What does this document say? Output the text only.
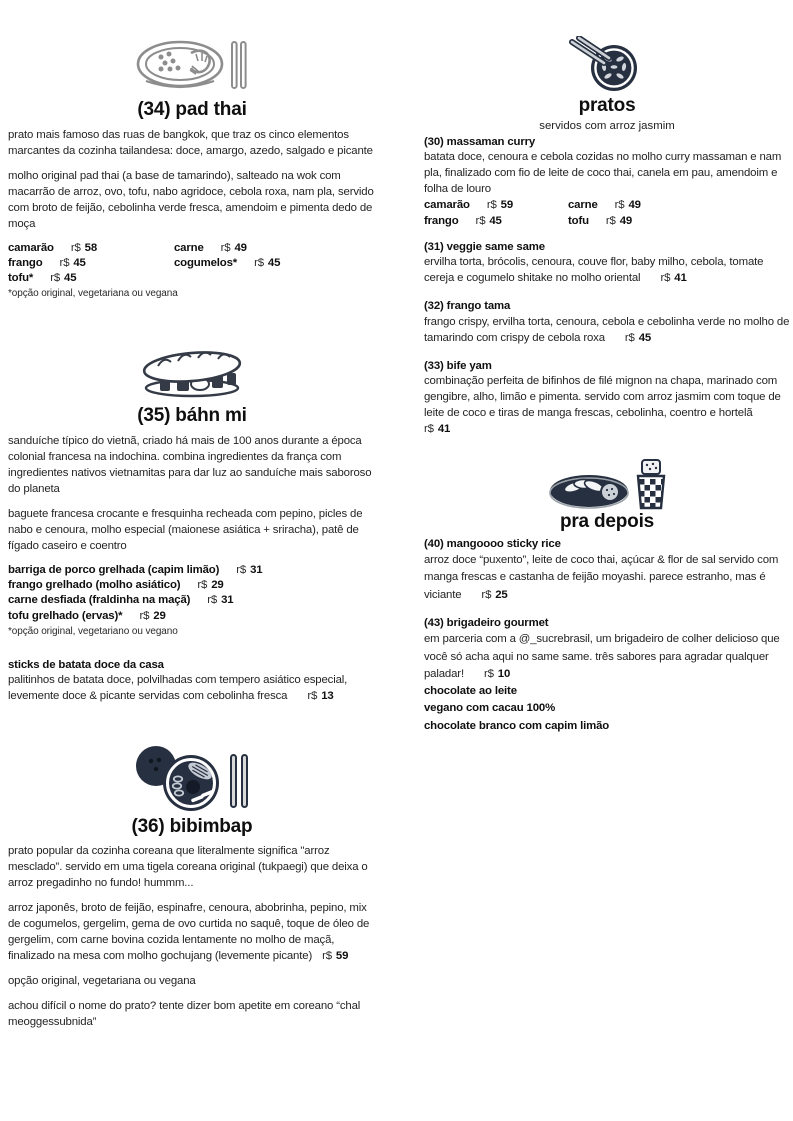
(34) pad thai

prato mais famoso das ruas de bangkok, que traz os cinco elementos marcantes da cozinha tailandesa: doce, amargo, azedo, salgado e picante

molho original pad thai (a base de tamarindo), salteado na wok com macarrão de arroz, ovo, tofu, nabo agridoce, cebola roxa, nam pla, servido com broto de feijão, cebolinha verde fresca, amendoim e pimenta dedo de moça

camarão r$ 58
frango r$ 45
tofu* r$ 45
carne r$ 49
cogumelos* r$ 45

*opção original, vegetariana ou vegana

(35) báhn mi

sanduíche típico do vietnã, criado há mais de 100 anos durante a época colonial francesa na indochina. combina ingredientes da frança com ingredientes nativos vietnamitas para dar luz ao sanduíche mais saboroso do planeta

baguete francesa crocante e fresquinha recheada com pepino, picles de nabo e cenoura, molho especial (maionese asiática + sriracha), patê de fígado caseiro e coentro

barriga de porco grelhada (capim limão) r$ 31
frango grelhado (molho asiático) r$ 29
carne desfiada (fraldinha na maçã) r$ 31
tofu grelhado (ervas)* r$ 29

*opção original, vegetariano ou vegano

sticks de batata doce da casa

palitinhos de batata doce, polvilhadas com tempero asiático especial, levemente doce & picante servidas com cebolinha fresca r$ 13

(36) bibimbap

prato popular da cozinha coreana que literalmente significa "arroz mesclado”. servido em uma tigela coreana original (tukpaegi) que deixa o arroz pregadinho no fundo! hummm...

arroz japonês, broto de feijão, espinafre, cenoura, abobrinha, pepino, mix de cogumelos, gergelim, gema de ovo curtida no saquê, toque de óleo de gergelim, com carne bovina cozida lentamente no molho de maçã, finalizado na mesa com molho gochujang (levemente picante) r$ 59

opção original, vegetariana ou vegana

achou difícil o nome do prato? tente dizer bom apetite em coreano “chal meoggessubnida”

pratos

servidos com arroz jasmim

(30) massaman curry

batata doce, cenoura e cebola cozidas no molho curry massaman e nam pla, finalizado com fio de leite de coco thai, canela em pau, amendoim e folha de louro

camarão r$ 59
frango r$ 45
carne r$ 49
tofu r$ 49

(31) veggie same same

ervilha torta, brócolis, cenoura, couve flor, baby milho, cebola, tomate cereja e cogumelo shitake no molho oriental r$ 41

(32) frango tama

frango crispy, ervilha torta, cenoura, cebola e cebolinha verde no molho de tamarindo com crispy de cebola roxa r$ 45

(33) bife yam

combinação perfeita de bifinhos de filé mignon na chapa, marinado com gengibre, alho, limão e pimenta. servido com arroz jasmim com toque de leite de coco e tiras de manga frescas, cebolinha, coentro e hortelãr$ 41

pra depois

(40) mangoooo sticky rice

arroz doce “puxento”, leite de coco thai, açúcar & flor de sal servido com manga frescas e castanha de feijão moyashi. parece estranho, mas é viciante r$ 25

(43) brigadeiro gourmet

em parceria com a @_sucrebrasil, um brigadeiro de colher delicioso que você só acha aqui no same same. três sabores para agradar qualquer paladar! r$ 10

chocolate ao leite

vegano com cacau 100%

chocolate branco com capim limão
